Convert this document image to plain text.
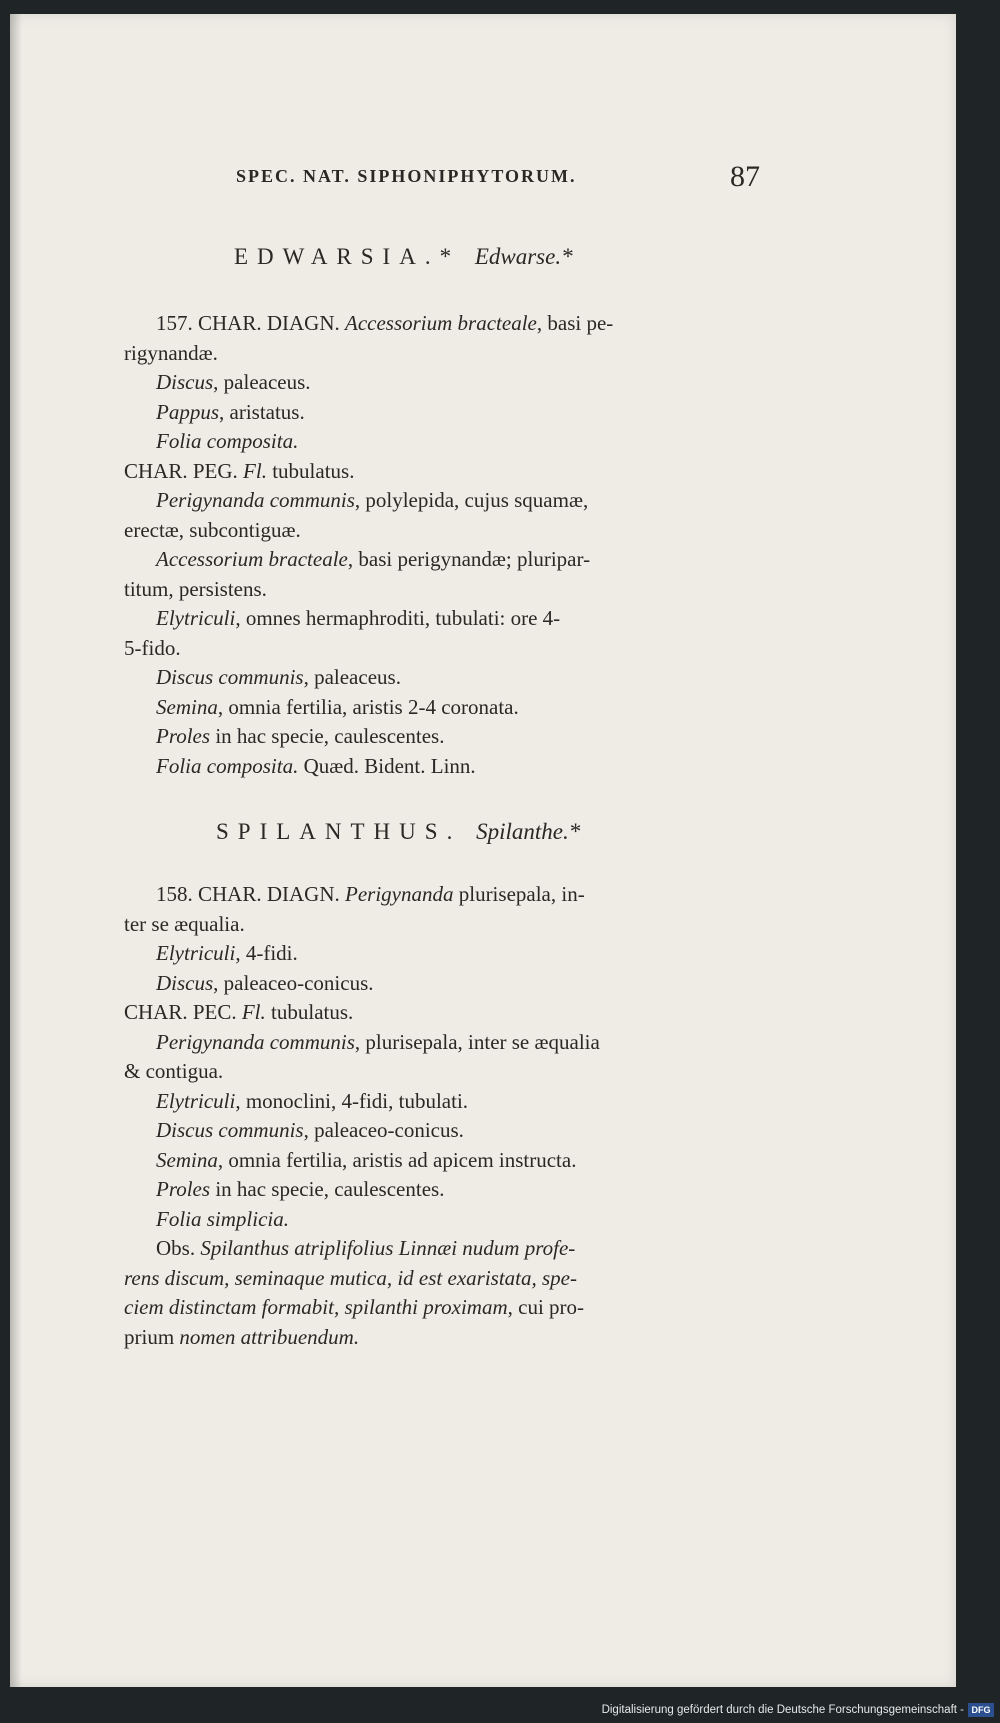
SPEC. NAT. SIPHONIPHYTORUM.	87
EDWARSIA.* Edwarse.*
157. CHAR. DIAGN. Accessorium bracteale, basi pe-
rigynandæ.
Discus, paleaceus.
Pappus, aristatus.
Folia composita.
CHAR. PEG. Fl. tubulatus.
Perigynanda communis, polylepida, cujus squamæ,
erectæ, subcontiguæ.
Accessorium bracteale, basi perigynandæ; pluripar-
titum, persistens.
Elytriculi, omnes hermaphroditi, tubulati: ore 4-
5-fido.
Discus communis, paleaceus.
Semina, omnia fertilia, aristis 2-4 coronata.
Proles in hac specie, caulescentes.
Folia composita. Quæd. Bident. Linn.
SPILANTHUS. Spilanthe.*
158. CHAR. DIAGN. Perigynanda plurisepala, in-
ter se æqualia.
Elytriculi, 4-fidi.
Discus, paleaceo-conicus.
CHAR. PEC. Fl. tubulatus.
Perigynanda communis, plurisepala, inter se æqualia
& contigua.
Elytriculi, monoclini, 4-fidi, tubulati.
Discus communis, paleaceo-conicus.
Semina, omnia fertilia, aristis ad apicem instructa.
Proles in hac specie, caulescentes.
Folia simplicia.
Obs. Spilanthus atriplifolius Linnæi nudum profe-
rens discum, seminaque mutica, id est exaristata, spe-
ciem distinctam formabit, spilanthi proximam, cui pro-
prium nomen attribuendum.
Digitalisierung gefördert durch die Deutsche Forschungsgemeinschaft - DFG
